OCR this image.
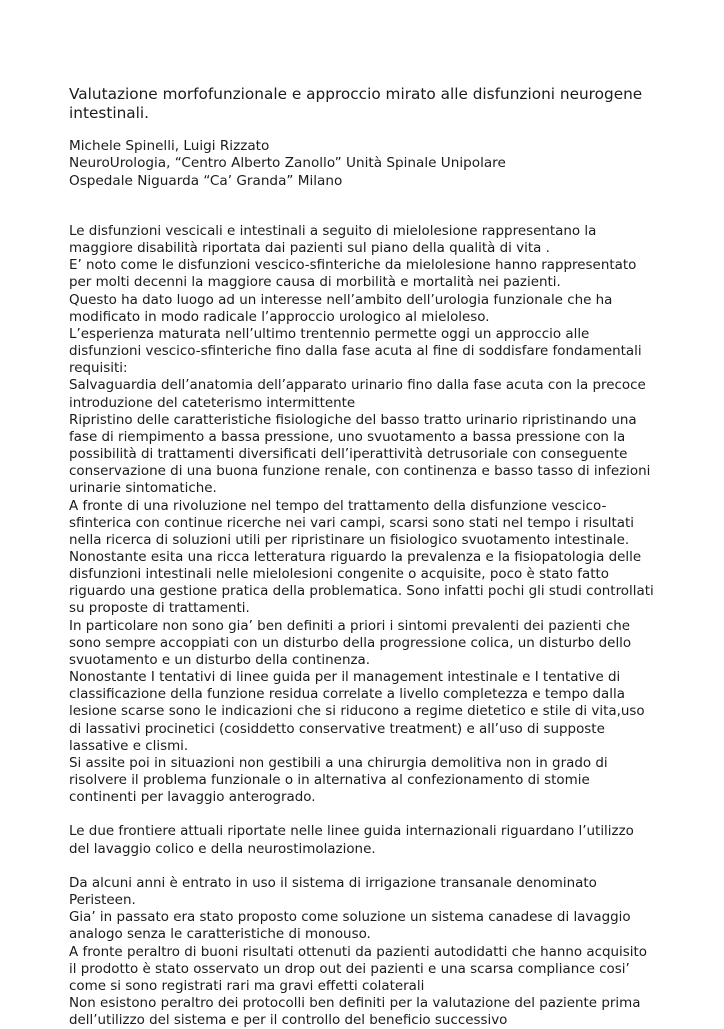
Valutazione morfofunzionale e approccio mirato alle disfunzioni neurogene intestinali.
Michele Spinelli, Luigi Rizzato
NeuroUrologia, “Centro Alberto Zanollo” Unità Spinale Unipolare
Ospedale Niguarda “Ca’ Granda” Milano

Le disfunzioni vescicali e intestinali a seguito di mielolesione rappresentano la maggiore disabilità riportata dai pazienti sul piano della qualità di vita .

E’ noto come le disfunzioni vescico-sfinteriche da mielolesione hanno rappresentato per molti decenni la maggiore causa di morbilità e mortalità nei pazienti.

Questo ha dato luogo ad un interesse nell’ambito dell’urologia funzionale che ha modificato in modo radicale l’approccio urologico al mieloleso.

L’esperienza maturata nell’ultimo trentennio permette oggi un approccio alle disfunzioni vescico-sfinteriche fino dalla fase acuta al fine di soddisfare fondamentali requisiti:

Salvaguardia dell’anatomia dell’apparato urinario fino dalla fase acuta con la precoce introduzione del cateterismo intermittente

Ripristino delle caratteristiche fisiologiche del basso tratto urinario ripristinando una fase di riempimento a bassa pressione, uno svuotamento a bassa pressione con la possibilità di trattamenti diversificati dell’iperattività detrusoriale con conseguente conservazione di una buona funzione renale, con continenza e basso tasso di infezioni urinarie sintomatiche.

A fronte di una rivoluzione nel tempo del trattamento della disfunzione vescico-sfinterica con continue ricerche nei vari campi, scarsi sono stati nel tempo i risultati nella ricerca di soluzioni utili per ripristinare un fisiologico svuotamento intestinale.

Nonostante esita una ricca letteratura riguardo la prevalenza e la fisiopatologia delle disfunzioni intestinali nelle mielolesioni congenite o acquisite, poco è stato fatto riguardo una gestione pratica della problematica. Sono infatti pochi gli studi controllati su proposte di trattamenti.

In particolare non sono gia’ ben definiti a priori i sintomi prevalenti dei pazienti che sono sempre accoppiati con un disturbo della progressione colica, un disturbo dello svuotamento e un disturbo della continenza.

Nonostante I tentativi di linee guida per il management intestinale e I tentative di classificazione della funzione residua correlate a livello completezza e tempo dalla lesione scarse sono le indicazioni che si riducono a regime dietetico e stile di vita,uso di lassativi procinetici (cosiddetto conservative treatment) e all’uso di supposte lassative e clismi.

Si assite poi in situazioni non gestibili a una chirurgia demolitiva non in grado di risolvere il problema funzionale o in alternativa al confezionamento di stomie continenti per lavaggio anterogrado.

Le due frontiere attuali riportate nelle linee guida internazionali riguardano l’utilizzo del lavaggio colico e della neurostimolazione.

Da alcuni anni è entrato in uso il sistema di irrigazione transanale denominato Peristeen.

Gia’ in passato era stato proposto come soluzione un sistema canadese di lavaggio analogo senza le caratteristiche di monouso.

A fronte peraltro di buoni risultati ottenuti da pazienti autodidatti che hanno acquisito il prodotto è stato osservato un drop out dei pazienti e una scarsa compliance cosi’ come si sono registrati rari ma gravi effetti colaterali

Non esistono peraltro dei protocolli ben definiti per la valutazione del paziente prima dell’utilizzo del sistema e per il controllo del beneficio successivo
